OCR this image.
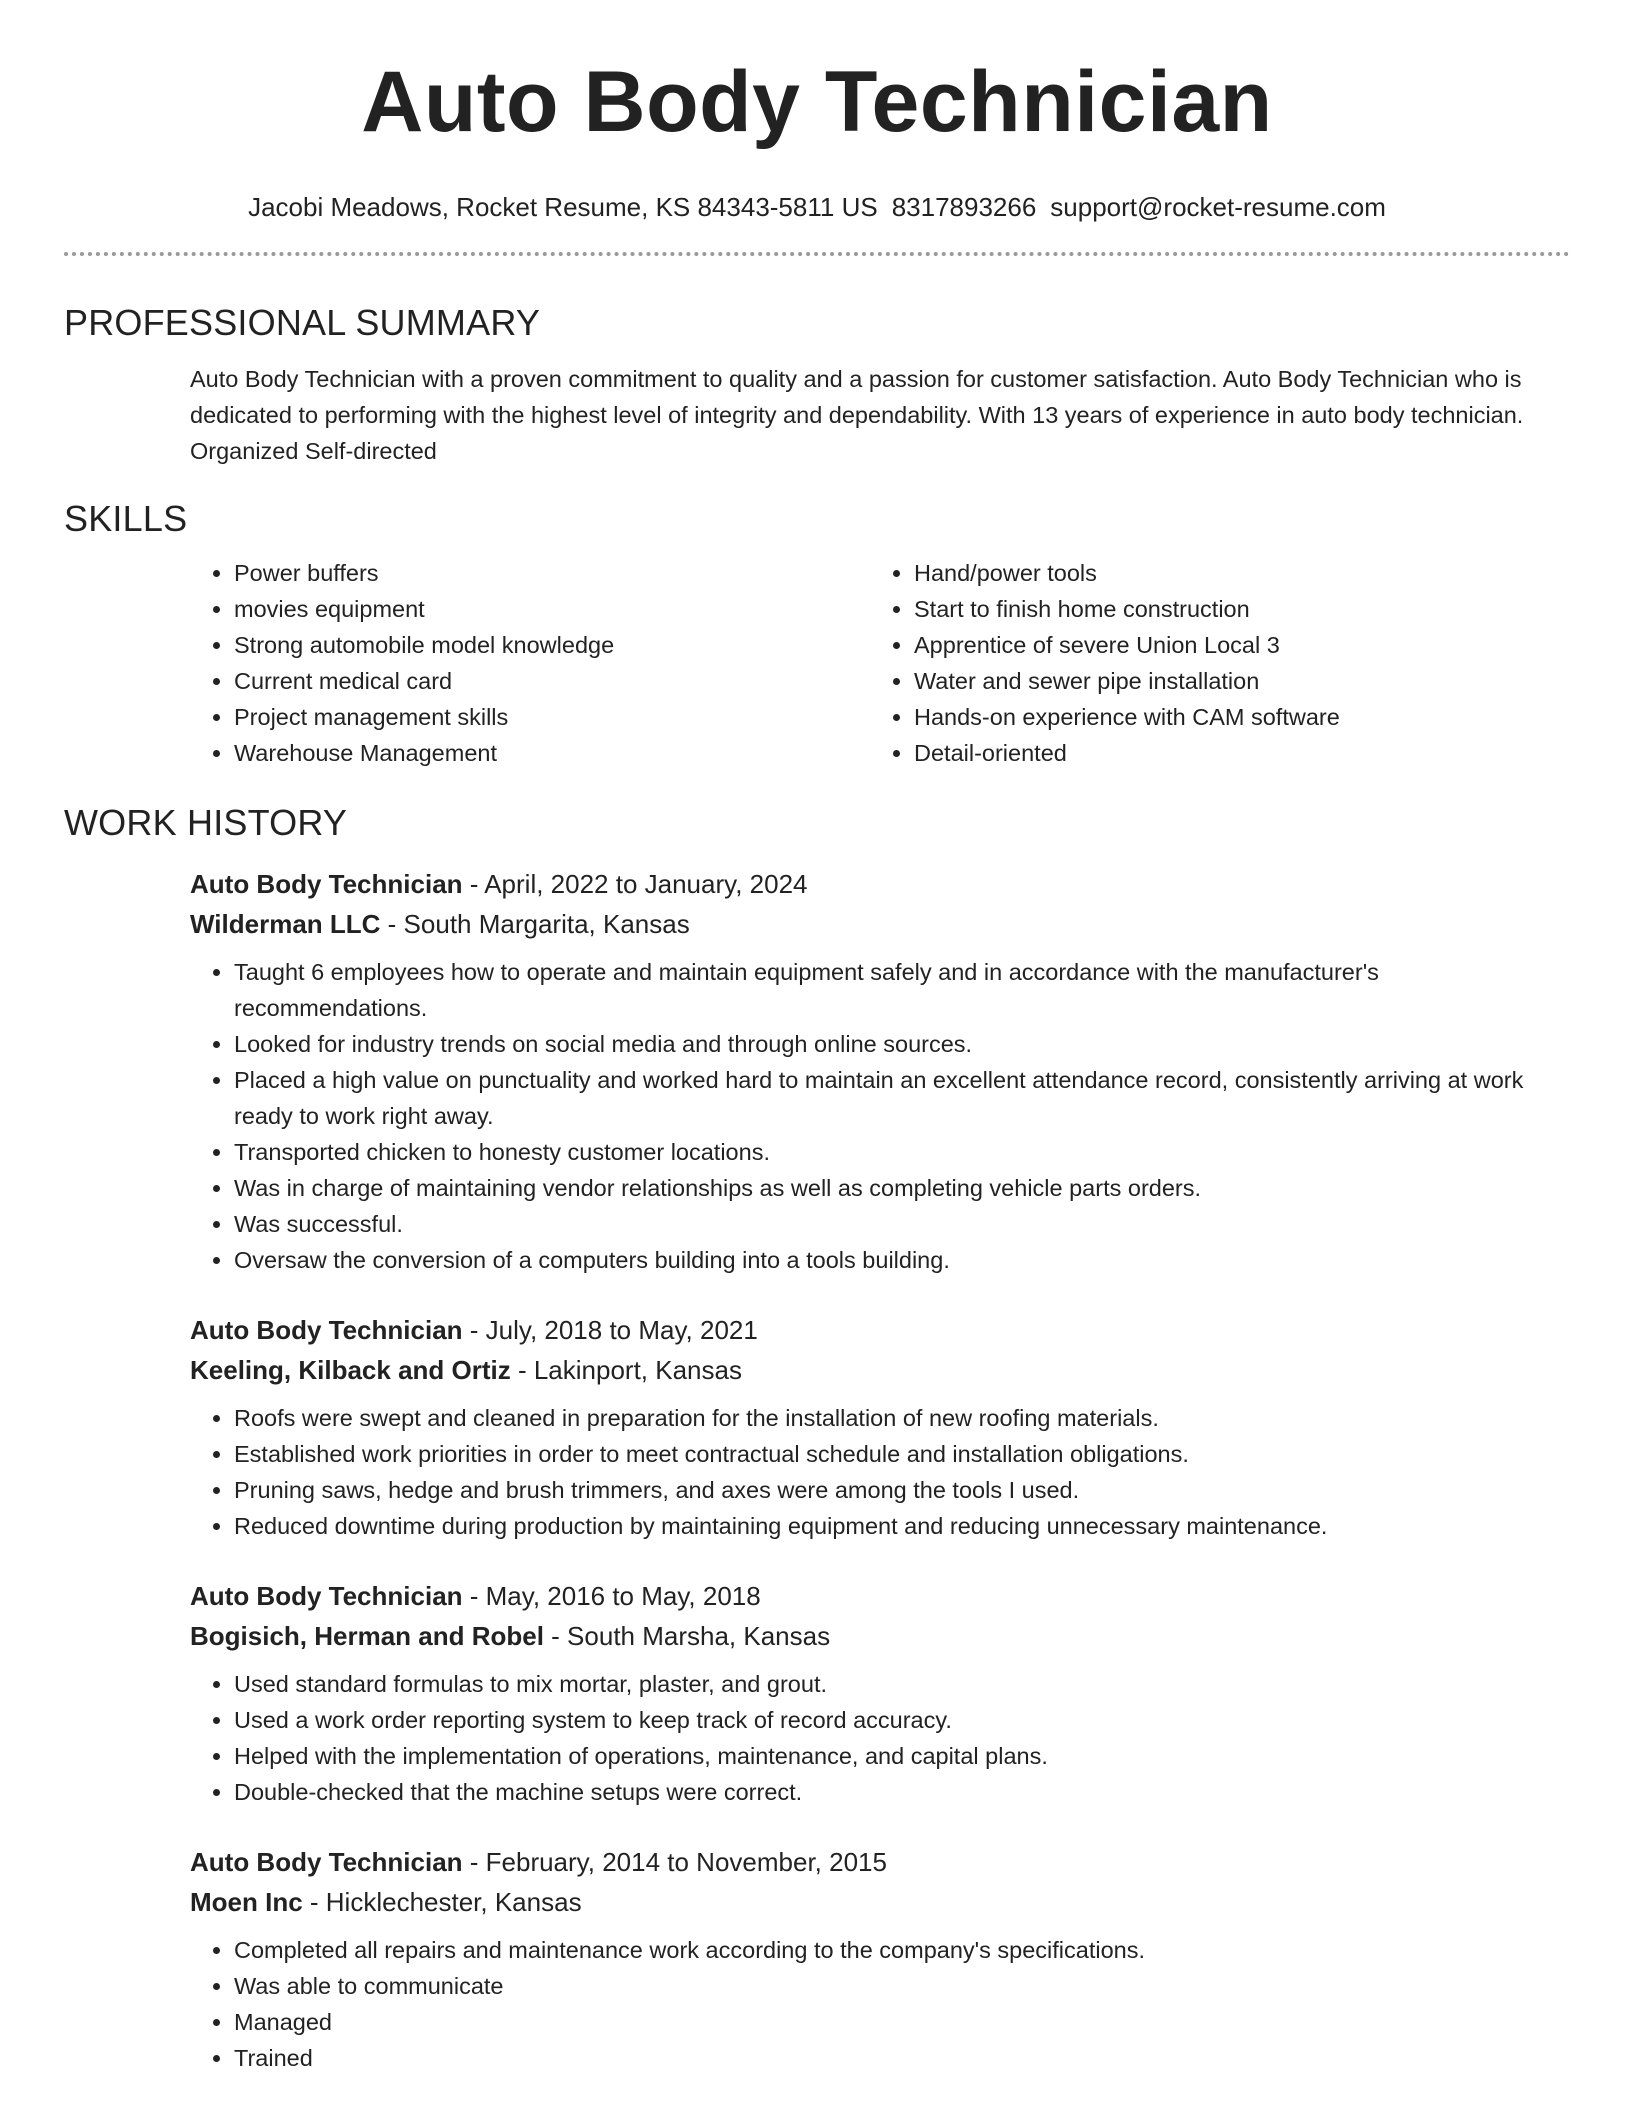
Auto Body Technician
Jacobi Meadows, Rocket Resume, KS 84343-5811 US 8317893266 support@rocket-resume.com
PROFESSIONAL SUMMARY
Auto Body Technician with a proven commitment to quality and a passion for customer satisfaction. Auto Body Technician who is dedicated to performing with the highest level of integrity and dependability. With 13 years of experience in auto body technician. Organized Self-directed
SKILLS
• Power buffers
• movies equipment
• Strong automobile model knowledge
• Current medical card
• Project management skills
• Warehouse Management
• Hand/power tools
• Start to finish home construction
• Apprentice of severe Union Local 3
• Water and sewer pipe installation
• Hands-on experience with CAM software
• Detail-oriented
WORK HISTORY
Auto Body Technician - April, 2022 to January, 2024
Wilderman LLC - South Margarita, Kansas
• Taught 6 employees how to operate and maintain equipment safely and in accordance with the manufacturer's recommendations.
• Looked for industry trends on social media and through online sources.
• Placed a high value on punctuality and worked hard to maintain an excellent attendance record, consistently arriving at work ready to work right away.
• Transported chicken to honesty customer locations.
• Was in charge of maintaining vendor relationships as well as completing vehicle parts orders.
• Was successful.
• Oversaw the conversion of a computers building into a tools building.
Auto Body Technician - July, 2018 to May, 2021
Keeling, Kilback and Ortiz - Lakinport, Kansas
• Roofs were swept and cleaned in preparation for the installation of new roofing materials.
• Established work priorities in order to meet contractual schedule and installation obligations.
• Pruning saws, hedge and brush trimmers, and axes were among the tools I used.
• Reduced downtime during production by maintaining equipment and reducing unnecessary maintenance.
Auto Body Technician - May, 2016 to May, 2018
Bogisich, Herman and Robel - South Marsha, Kansas
• Used standard formulas to mix mortar, plaster, and grout.
• Used a work order reporting system to keep track of record accuracy.
• Helped with the implementation of operations, maintenance, and capital plans.
• Double-checked that the machine setups were correct.
Auto Body Technician - February, 2014 to November, 2015
Moen Inc - Hicklechester, Kansas
• Completed all repairs and maintenance work according to the company's specifications.
• Was able to communicate
• Managed
• Trained
